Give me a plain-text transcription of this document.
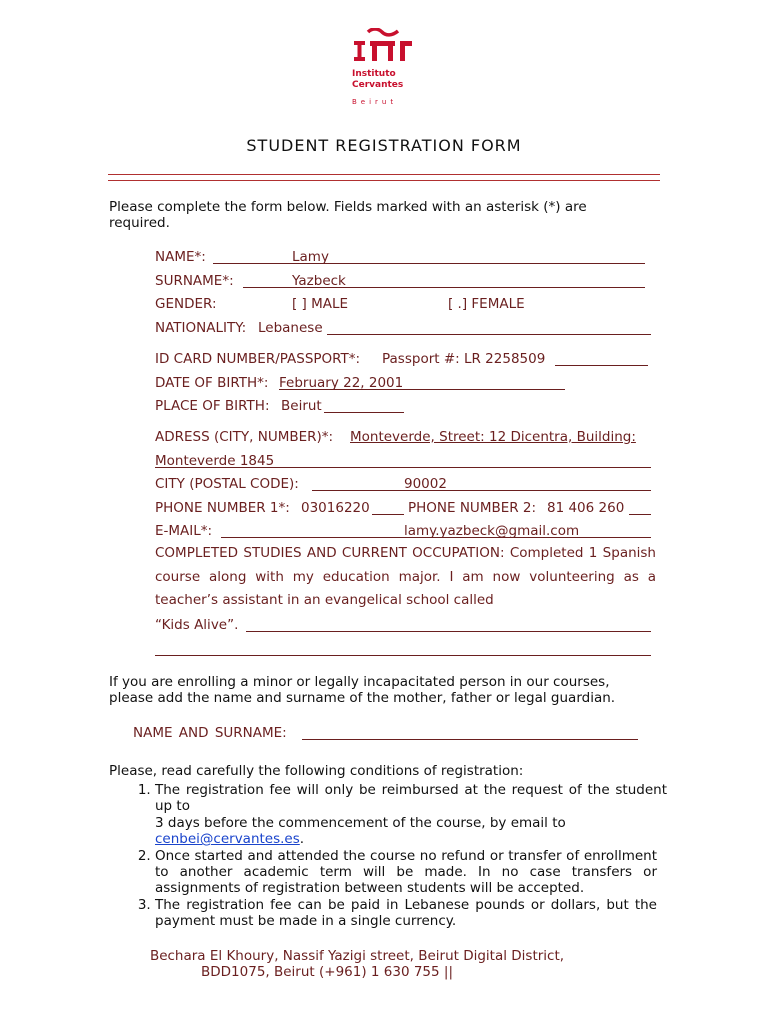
Instituto
Cervantes
Beirut
STUDENT REGISTRATION FORM
Please complete the form below. Fields marked with an asterisk (*) are required.
NAME*:	Lamy
SURNAME*:	Yazbeck
GENDER:	[ ] MALE	[ .] FEMALE
NATIONALITY: Lebanese
ID CARD NUMBER/PASSPORT*: Passport #: LR 2258509
DATE OF BIRTH*: February 22, 2001
PLACE OF BIRTH: Beirut
ADRESS (CITY, NUMBER)*: Monteverde, Street: 12 Dicentra, Building:
Monteverde 1845
CITY (POSTAL CODE):	90002
PHONE NUMBER 1*: 03016220	PHONE NUMBER 2: 81 406 260
E-MAIL*:	lamy.yazbeck@gmail.com
COMPLETED STUDIES AND CURRENT OCCUPATION: Completed 1 Spanish course along with my education major. I am now volunteering as a teacher’s assistant in an evangelical school called
“Kids Alive”.
If you are enrolling a minor or legally incapacitated person in our courses, please add the name and surname of the mother, father or legal guardian.
NAME AND SURNAME:
Please, read carefully the following conditions of registration:
1. The registration fee will only be reimbursed at the request of the student up to
3 days before the commencement of the course, by email to
cenbei@cervantes.es.
2. Once started and attended the course no refund or transfer of enrollment to another academic term will be made. In no case transfers or assignments of registration between students will be accepted.
3. The registration fee can be paid in Lebanese pounds or dollars, but the payment must be made in a single currency.
Bechara El Khoury, Nassif Yazigi street, Beirut Digital District,
BDD1075, Beirut (+961) 1 630 755 ||
